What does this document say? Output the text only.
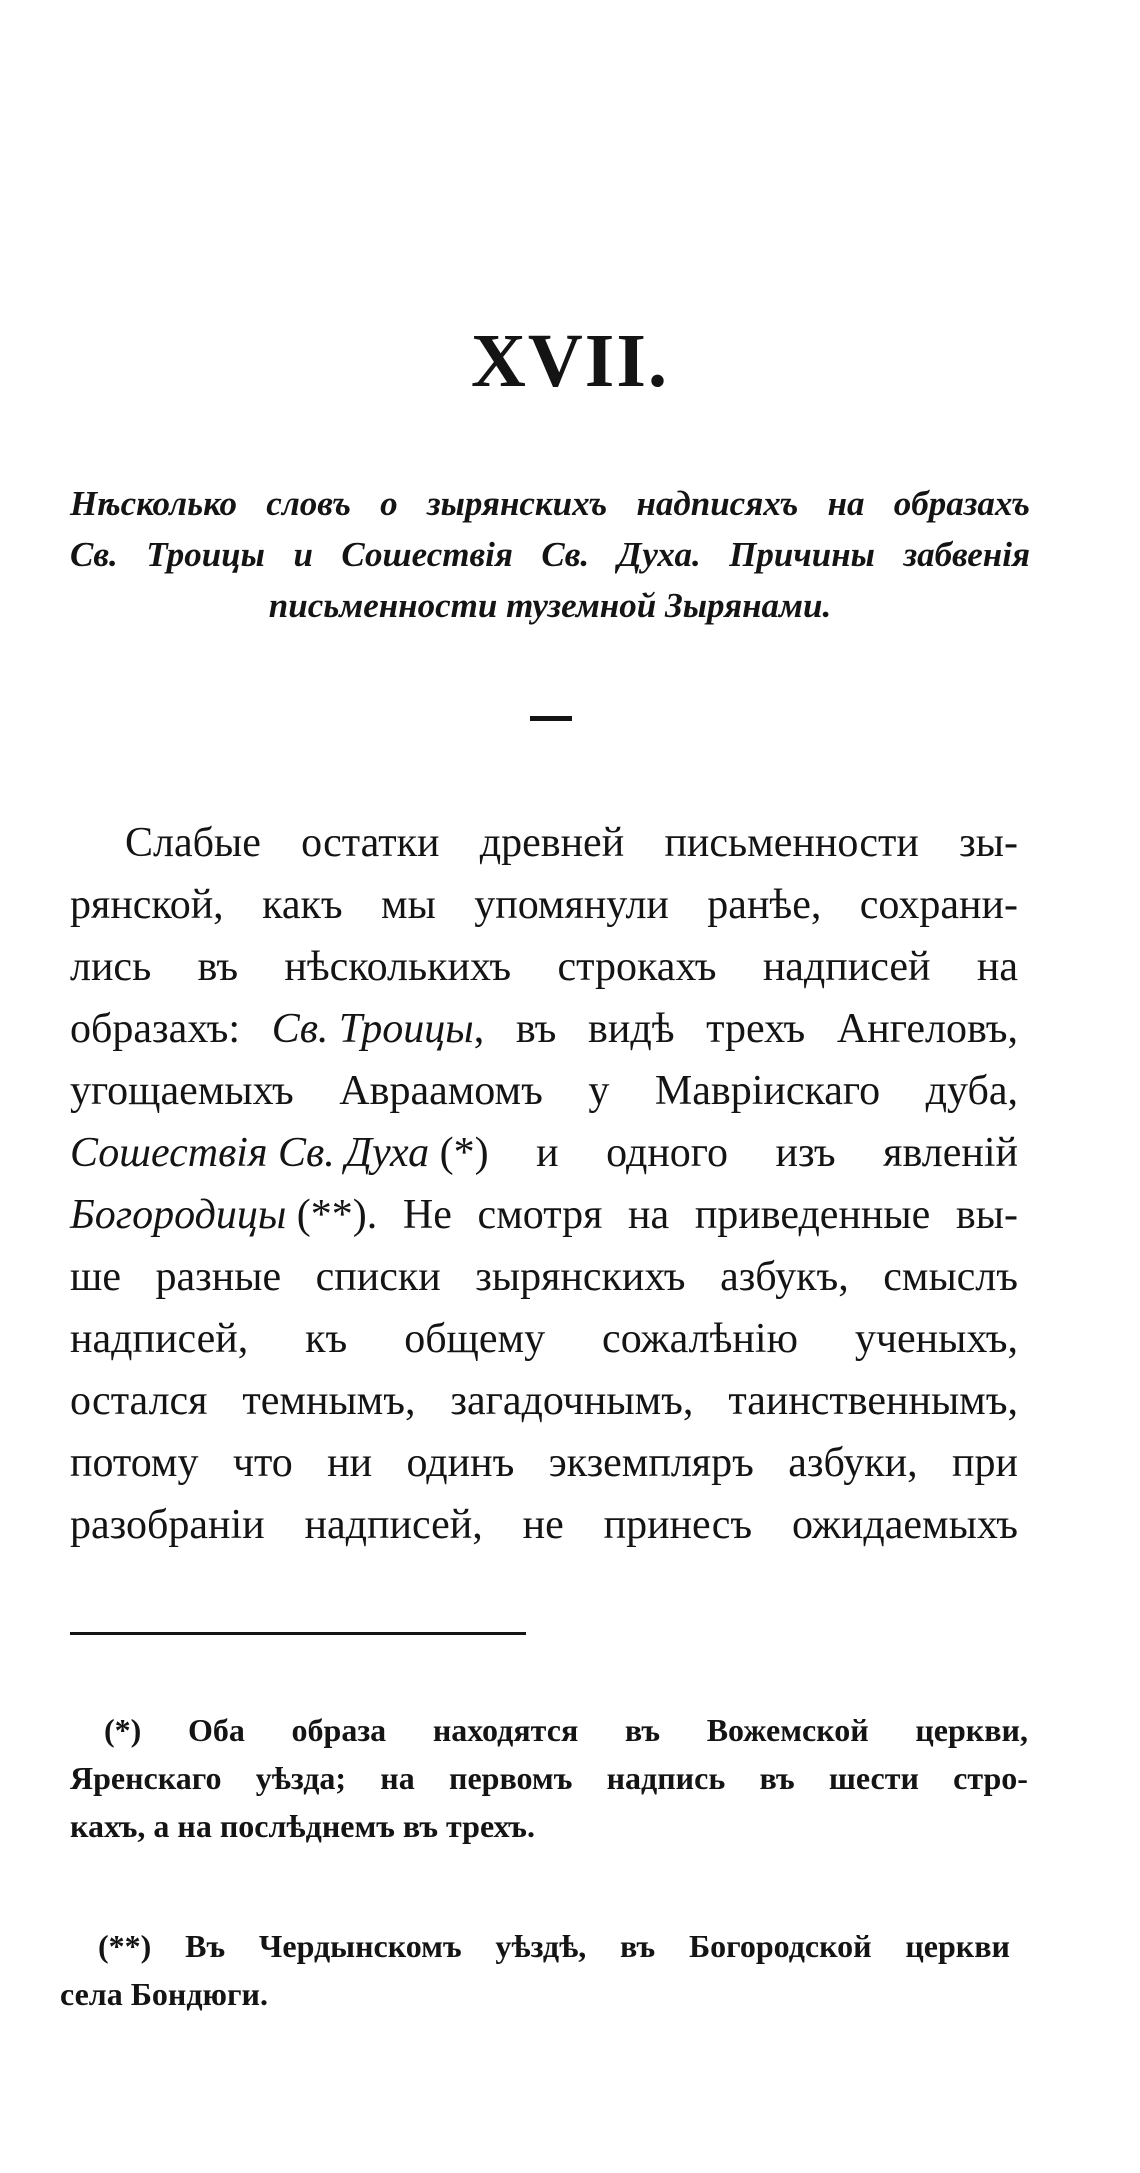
XVII.
Нѣсколько словъ о зырянскихъ надписяхъ на образахъ
Св. Троицы и Сошествія Св. Духа. Причины забвенія
письменности туземной Зырянами.
Слабые остатки древней письменности зы-
рянской, какъ мы упомянули ранѣе, сохрани-
лись въ нѣсколькихъ строкахъ надписей на
образахъ: Св. Троицы, въ видѣ трехъ Ангеловъ,
угощаемыхъ Авраамомъ у Мавріискаго дуба,
Сошествія Св. Духа (*) и одного изъ явленій
Богородицы (**). Не смотря на приведенные вы-
ше разные списки зырянскихъ азбукъ, смыслъ
надписей, къ общему сожалѣнію ученыхъ,
остался темнымъ, загадочнымъ, таинственнымъ,
потому что ни одинъ экземпляръ азбуки, при
разобраніи надписей, не принесъ ожидаемыхъ
(*) Оба образа находятся въ Вожемской церкви,
Яренскаго уѣзда; на первомъ надпись въ шести стро-
кахъ, а на послѣднемъ въ трехъ.
(**) Въ Чердынскомъ уѣздѣ, въ Богородской церкви
села Бондюги.
